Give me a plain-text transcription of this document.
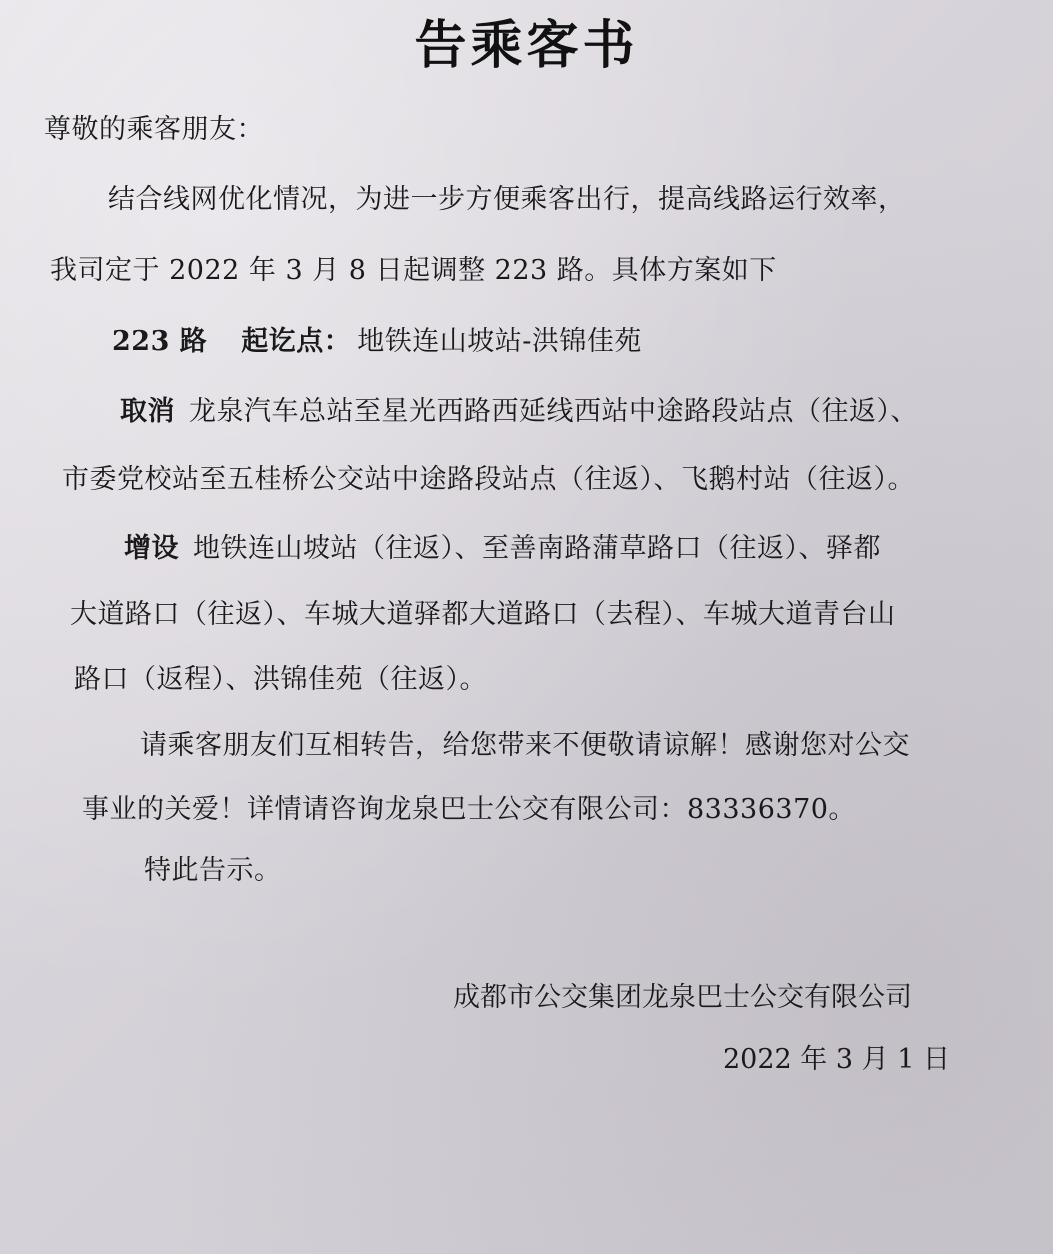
告乘客书
尊敬的乘客朋友：
结合线网优化情况，为进一步方便乘客出行，提高线路运行效率，
我司定于 2022 年 3 月 8 日起调整 223 路。具体方案如下
223 路 起讫点： 地铁连山坡站-洪锦佳苑
取消 龙泉汽车总站至星光西路西延线西站中途路段站点（往返）、
市委党校站至五桂桥公交站中途路段站点（往返）、飞鹅村站（往返）。
增设 地铁连山坡站（往返）、至善南路蒲草路口（往返）、驿都
大道路口（往返）、车城大道驿都大道路口（去程）、车城大道青台山
路口（返程）、洪锦佳苑（往返）。
请乘客朋友们互相转告，给您带来不便敬请谅解！感谢您对公交
事业的关爱！详情请咨询龙泉巴士公交有限公司：83336370。
特此告示。
成都市公交集团龙泉巴士公交有限公司
2022 年 3 月 1 日
